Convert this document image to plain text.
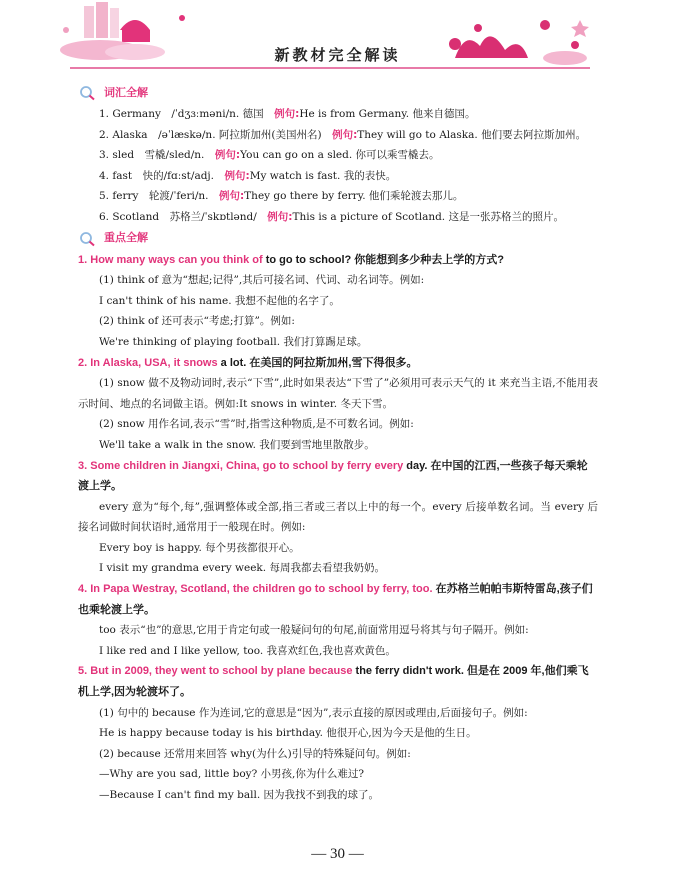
新教材完全解读
词汇全解

1. Germany　/ˈdʒɜːməni/n. 德国　 例句:He is from Germany. 他来自德国。

2. Alaska　/əˈlæskə/n. 阿拉斯加州(美国州名)　 例句:They will go to Alaska. 他们要去阿拉斯加州。

3. sled　雪橇/sled/n.　 例句:You can go on a sled. 你可以乘雪橇去。

4. fast　快的/fɑːst/adj.　 例句:My watch is fast. 我的表快。

5. ferry　轮渡/ˈferi/n.　 例句:They go there by ferry. 他们乘轮渡去那儿。

6. Scotland　苏格兰/ˈskɒtlənd/　 例句:This is a picture of Scotland. 这是一张苏格兰的照片。

重点全解

1. How many ways can you think of to go to school? 你能想到多少种去上学的方式?

(1) think of 意为“想起;记得”,其后可接名词、代词、动名词等。例如:

I can't think of his name. 我想不起他的名字了。

(2) think of 还可表示“考虑;打算”。例如:

We're thinking of playing football. 我们打算踢足球。

2. In Alaska, USA, it snows a lot. 在美国的阿拉斯加州,雪下得很多。

(1) snow 做不及物动词时,表示“下雪”,此时如果表达“下雪了”必须用可表示天气的 it 来充当主语,不能用表示时间、地点的名词做主语。例如:It snows in winter. 冬天下雪。

(2) snow 用作名词,表示“雪”时,指雪这种物质,是不可数名词。例如:

We'll take a walk in the snow. 我们要到雪地里散散步。

3. Some children in Jiangxi, China, go to school by ferry every day. 在中国的江西,一些孩子每天乘轮渡上学。

every 意为“每个,每”,强调整体或全部,指三者或三者以上中的每一个。every 后接单数名词。当 every 后接名词做时间状语时,通常用于一般现在时。例如:

Every boy is happy. 每个男孩都很开心。

I visit my grandma every week. 每周我都去看望我奶奶。

4. In Papa Westray, Scotland, the children go to school by ferry, too. 在苏格兰帕帕韦斯特雷岛,孩子们也乘轮渡上学。

too 表示“也”的意思,它用于肯定句或一般疑问句的句尾,前面常用逗号将其与句子隔开。例如:

I like red and I like yellow, too. 我喜欢红色,我也喜欢黄色。

5. But in 2009, they went to school by plane because the ferry didn't work. 但是在 2009 年,他们乘飞机上学,因为轮渡坏了。

(1) 句中的 because 作为连词,它的意思是“因为”,表示直接的原因或理由,后面接句子。例如:

He is happy because today is his birthday. 他很开心,因为今天是他的生日。

(2) because 还常用来回答 why(为什么)引导的特殊疑问句。例如:

—Why are you sad, little boy? 小男孩,你为什么难过?

—Because I can't find my ball. 因为我找不到我的球了。

— 30 —
